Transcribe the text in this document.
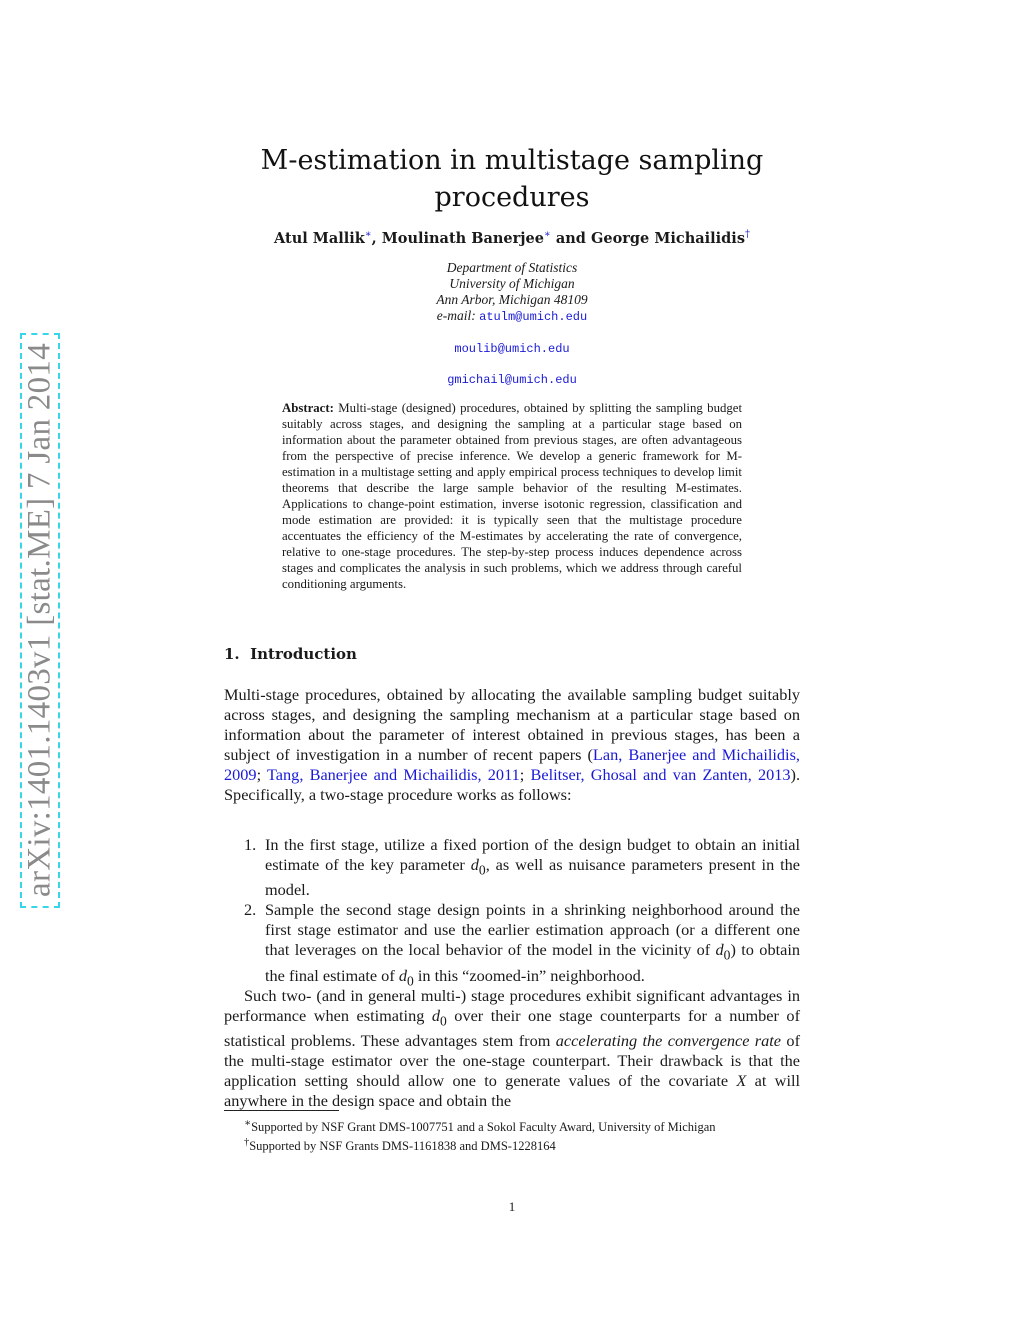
arXiv:1401.1403v1 [stat.ME] 7 Jan 2014
M-estimation in multistage sampling
procedures
Atul Mallik∗, Moulinath Banerjee∗ and George Michailidis†
Department of Statistics
University of Michigan
Ann Arbor, Michigan 48109
e-mail: atulm@umich.edu
moulib@umich.edu
gmichail@umich.edu
Abstract: Multi-stage (designed) procedures, obtained by splitting the sampling budget suitably across stages, and designing the sampling at a particular stage based on information about the parameter obtained from previous stages, are often advantageous from the perspective of precise inference. We develop a generic framework for M-estimation in a multistage setting and apply empirical process techniques to develop limit theorems that describe the large sample behavior of the resulting M-estimates. Applications to change-point estimation, inverse isotonic regression, classification and mode estimation are provided: it is typically seen that the multistage procedure accentuates the efficiency of the M-estimates by accelerating the rate of convergence, relative to one-stage procedures. The step-by-step process induces dependence across stages and complicates the analysis in such problems, which we address through careful conditioning arguments.
1.  Introduction

Multi-stage procedures, obtained by allocating the available sampling budget suitably across stages, and designing the sampling mechanism at a particular stage based on information about the parameter of interest obtained in previous stages, has been a subject of investigation in a number of recent papers (Lan, Banerjee and Michailidis, 2009; Tang, Banerjee and Michailidis, 2011; Belitser, Ghosal and van Zanten, 2013). Specifically, a two-stage procedure works as follows:

1. In the first stage, utilize a fixed portion of the design budget to obtain an initial estimate of the key parameter $d_0$, as well as nuisance parameters present in the model.
2. Sample the second stage design points in a shrinking neighborhood around the first stage estimator and use the earlier estimation approach (or a different one that leverages on the local behavior of the model in the vicinity of $d_0$) to obtain the final estimate of $d_0$ in this “zoomed-in” neighborhood.

Such two- (and in general multi-) stage procedures exhibit significant advantages in performance when estimating $d_0$ over their one stage counterparts for a number of statistical problems. These advantages stem from accelerating the convergence rate of the multi-stage estimator over the one-stage counterpart. Their drawback is that the application setting should allow one to generate values of the covariate X at will anywhere in the design space and obtain the

∗Supported by NSF Grant DMS-1007751 and a Sokol Faculty Award, University of Michigan

†Supported by NSF Grants DMS-1161838 and DMS-1228164

1
